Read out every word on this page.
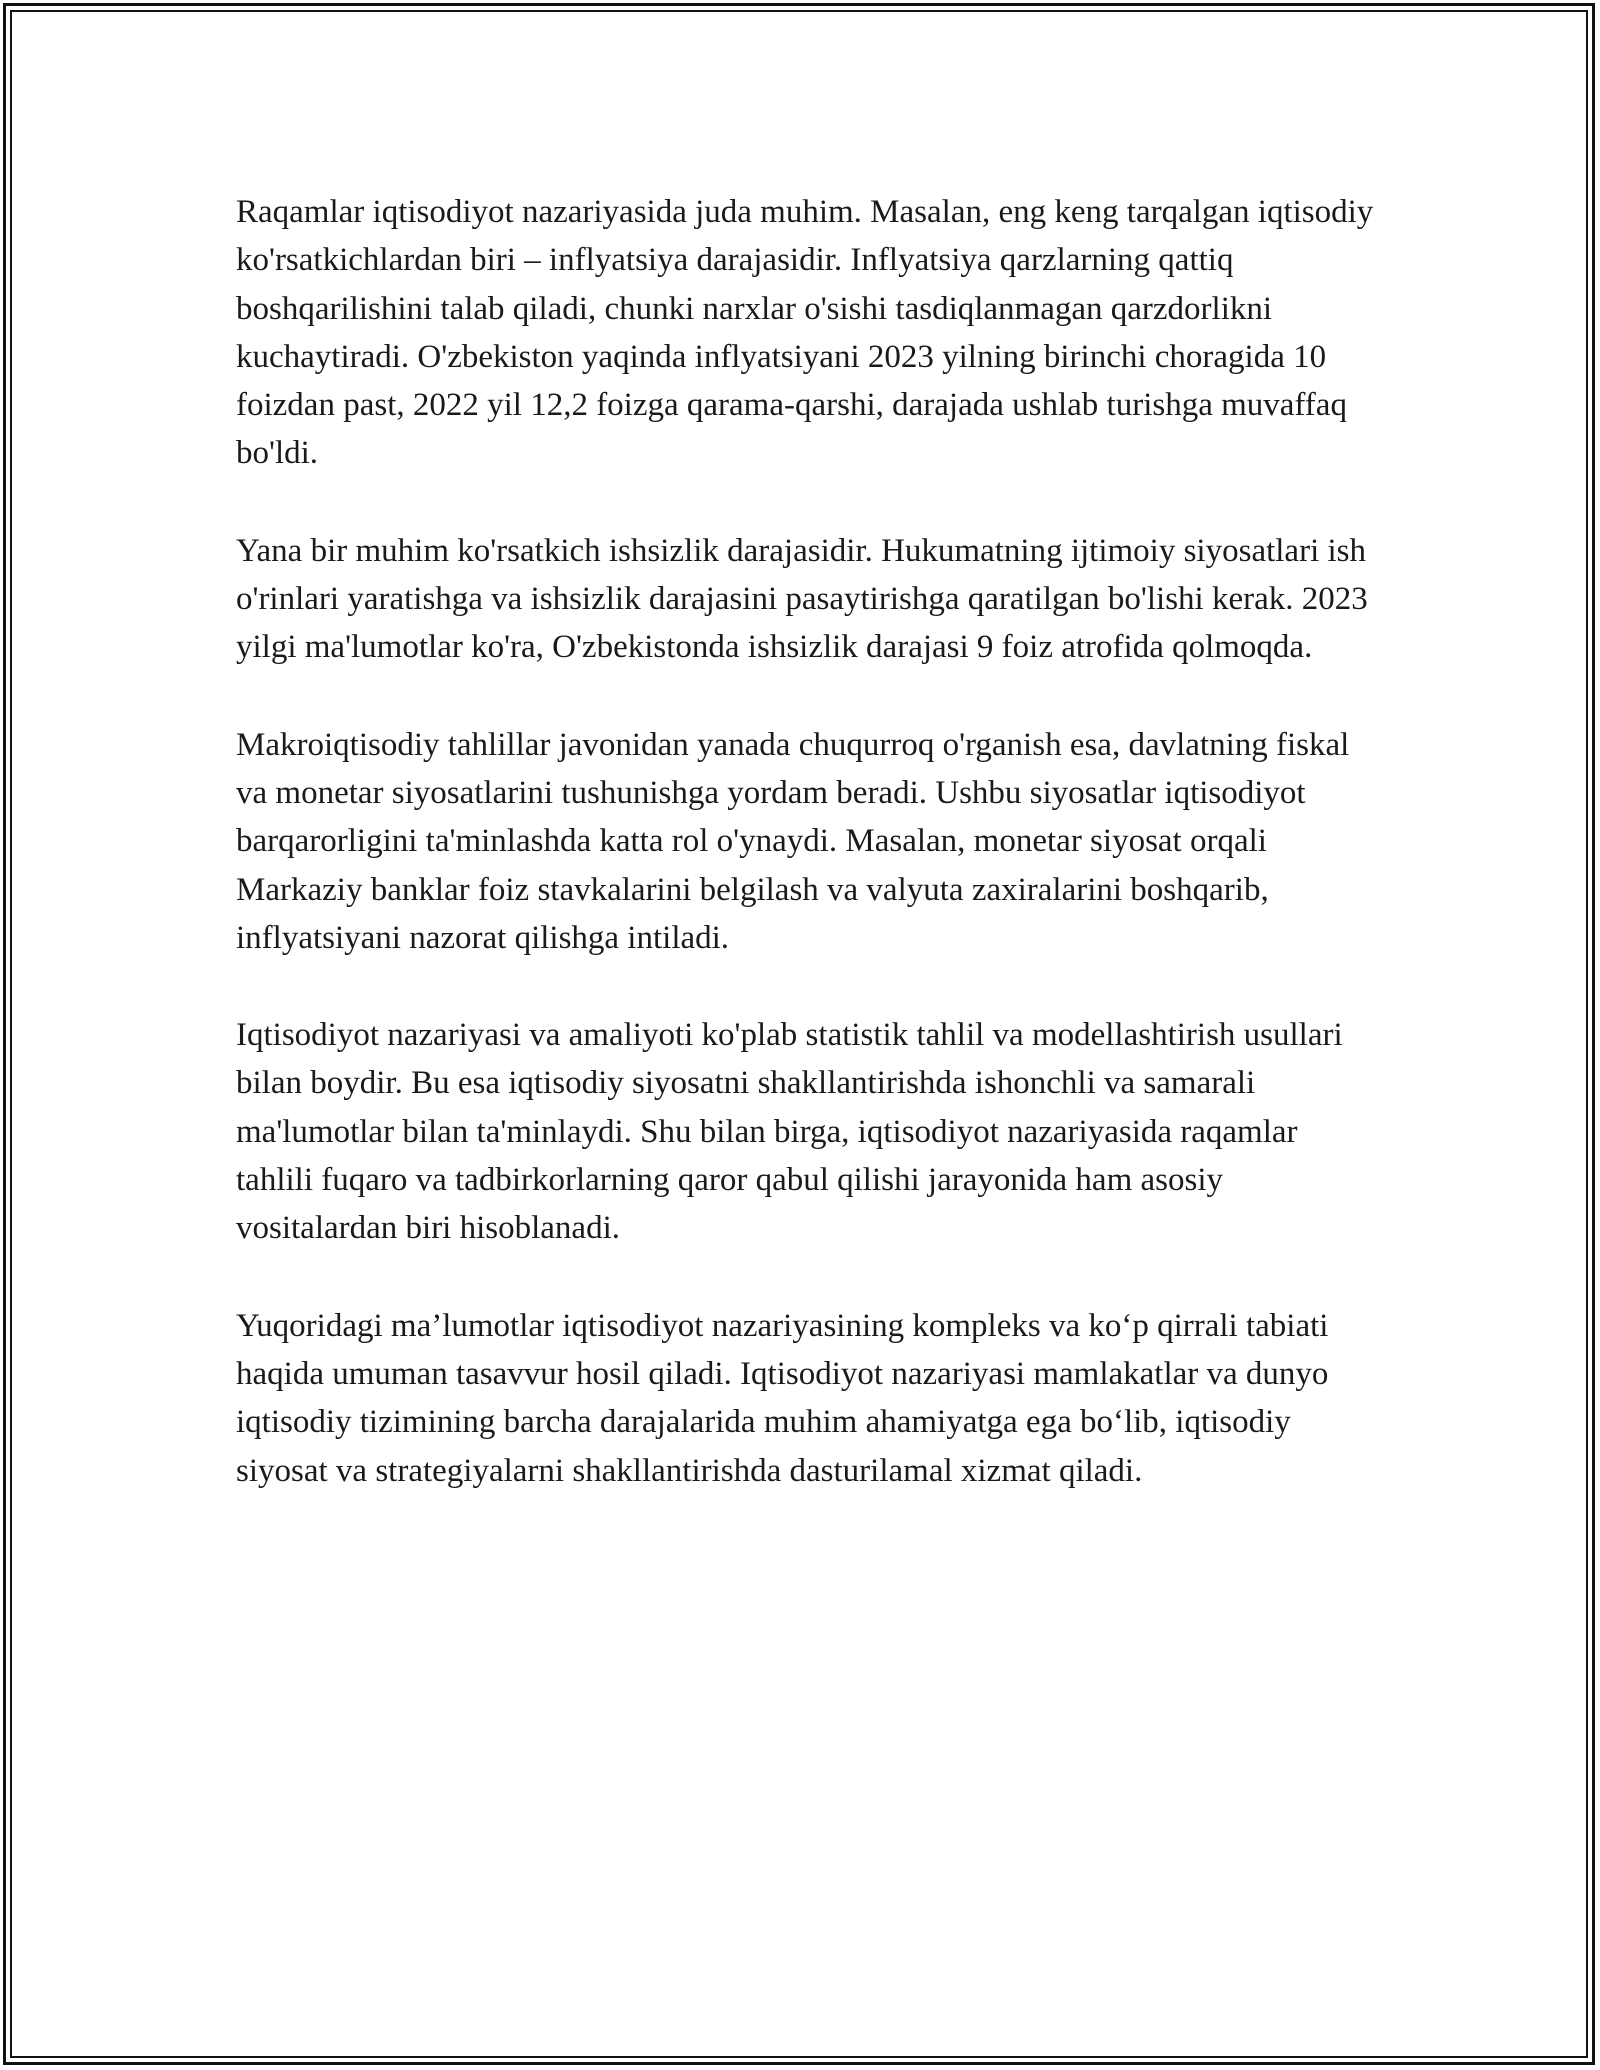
Raqamlar iqtisodiyot nazariyasida juda muhim. Masalan, eng keng tarqalgan iqtisodiy ko'rsatkichlardan biri – inflyatsiya darajasidir. Inflyatsiya qarzlarning qattiq boshqarilishini talab qiladi, chunki narxlar o'sishi tasdiqlanmagan qarzdorlikni kuchaytiradi. O'zbekiston yaqinda inflyatsiyani 2023 yilning birinchi choragida 10 foizdan past, 2022 yil 12,2 foizga qarama-qarshi, darajada ushlab turishga muvaffaq bo'ldi.

Yana bir muhim ko'rsatkich ishsizlik darajasidir. Hukumatning ijtimoiy siyosatlari ish o'rinlari yaratishga va ishsizlik darajasini pasaytirishga qaratilgan bo'lishi kerak. 2023 yilgi ma'lumotlar ko'ra, O'zbekistonda ishsizlik darajasi 9 foiz atrofida qolmoqda.

Makroiqtisodiy tahlillar javonidan yanada chuqurroq o'rganish esa, davlatning fiskal va monetar siyosatlarini tushunishga yordam beradi. Ushbu siyosatlar iqtisodiyot barqarorligini ta'minlashda katta rol o'ynaydi. Masalan, monetar siyosat orqali Markaziy banklar foiz stavkalarini belgilash va valyuta zaxiralarini boshqarib, inflyatsiyani nazorat qilishga intiladi.

Iqtisodiyot nazariyasi va amaliyoti ko'plab statistik tahlil va modellashtirish usullari bilan boydir. Bu esa iqtisodiy siyosatni shakllantirishda ishonchli va samarali ma'lumotlar bilan ta'minlaydi. Shu bilan birga, iqtisodiyot nazariyasida raqamlar tahlili fuqaro va tadbirkorlarning qaror qabul qilishi jarayonida ham asosiy vositalardan biri hisoblanadi.

Yuqoridagi ma’lumotlar iqtisodiyot nazariyasining kompleks va ko‘p qirrali tabiati haqida umuman tasavvur hosil qiladi. Iqtisodiyot nazariyasi mamlakatlar va dunyo iqtisodiy tizimining barcha darajalarida muhim ahamiyatga ega bo‘lib, iqtisodiy siyosat va strategiyalarni shakllantirishda dasturilamal xizmat qiladi.
